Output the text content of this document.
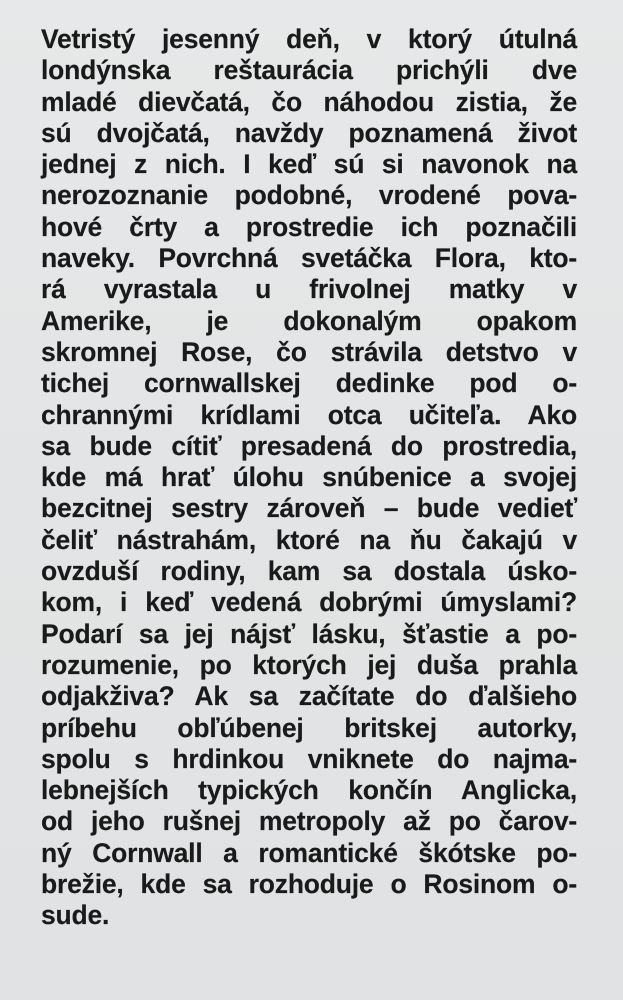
Vetristý jesenný deň, v ktorý útulná
londýnska reštaurácia prichýli dve
mladé dievčatá, čo náhodou zistia, že
sú dvojčatá, navždy poznamená život
jednej z nich. I keď sú si navonok na
nerozoznanie podobné, vrodené pova-
hové črty a prostredie ich poznačili
naveky. Povrchná svetáčka Flora, kto-
rá vyrastala u frivolnej matky v
Amerike, je dokonalým opakom
skromnej Rose, čo strávila detstvo v
tichej cornwallskej dedinke pod o-
chrannými krídlami otca učiteľa. Ako
sa bude cítiť presadená do prostredia,
kde má hrať úlohu snúbenice a svojej
bezcitnej sestry zároveň – bude vedieť
čeliť nástrahám, ktoré na ňu čakajú v
ovzduší rodiny, kam sa dostala úsko-
kom, i keď vedená dobrými úmyslami?
Podarí sa jej nájsť lásku, šťastie a po-
rozumenie, po ktorých jej duša prahla
odjakživa? Ak sa začítate do ďalšieho
príbehu obľúbenej britskej autorky,
spolu s hrdinkou vniknete do najma-
lebnejších typických končín Anglicka,
od jeho rušnej metropoly až po čarov-
ný Cornwall a romantické škótske po-
brežie, kde sa rozhoduje o Rosinom o-
sude.
